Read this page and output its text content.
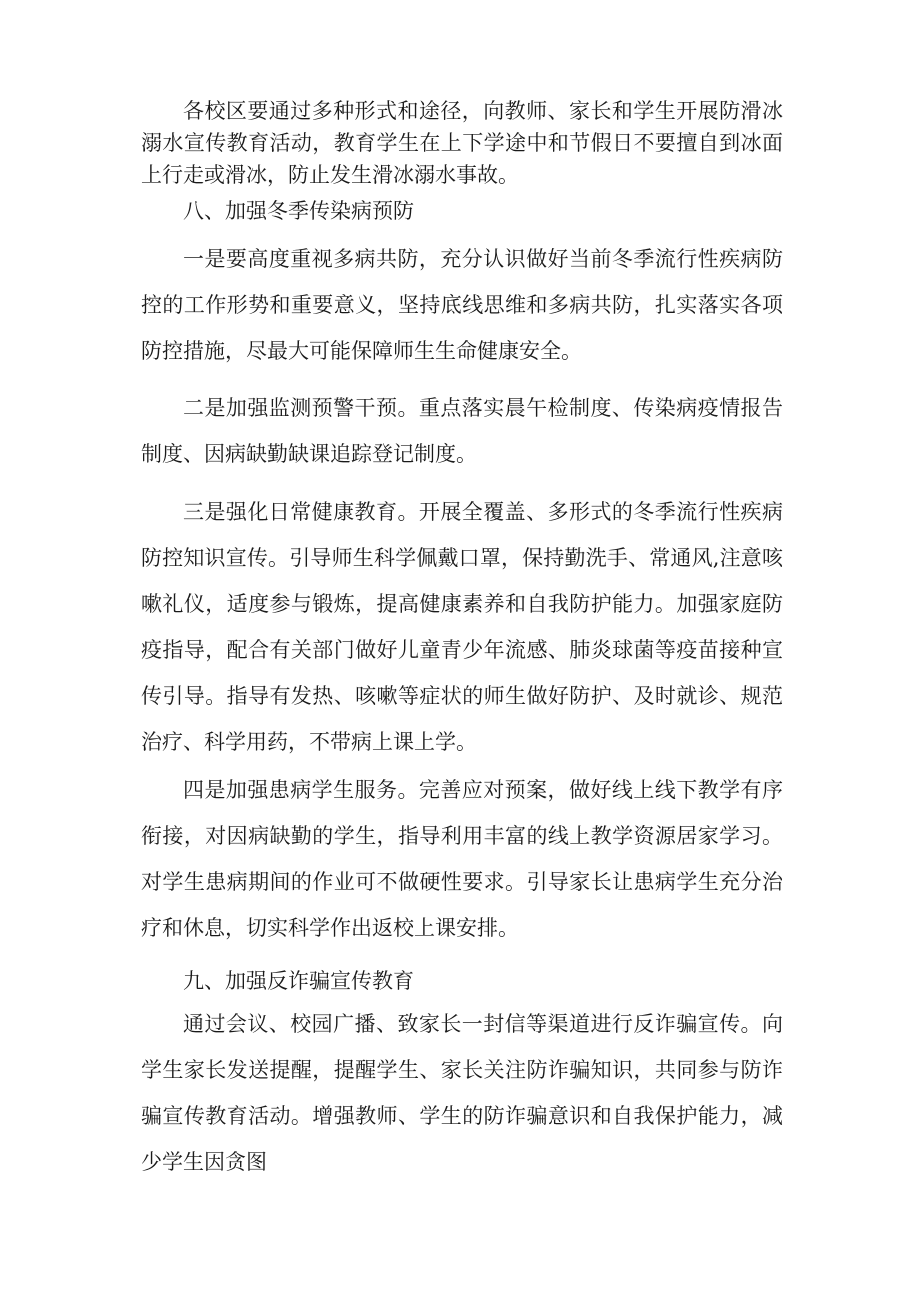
各校区要通过多种形式和途径，向教师、家长和学生开展防滑冰溺水宣传教育活动，教育学生在上下学途中和节假日不要擅自到冰面上行走或滑冰，防止发生滑冰溺水事故。

八、加强冬季传染病预防

一是要高度重视多病共防，充分认识做好当前冬季流行性疾病防控的工作形势和重要意义，坚持底线思维和多病共防，扎实落实各项防控措施，尽最大可能保障师生生命健康安全。

二是加强监测预警干预。重点落实晨午检制度、传染病疫情报告制度、因病缺勤缺课追踪登记制度。

三是强化日常健康教育。开展全覆盖、多形式的冬季流行性疾病防控知识宣传。引导师生科学佩戴口罩，保持勤洗手、常通风,注意咳嗽礼仪，适度参与锻炼，提高健康素养和自我防护能力。加强家庭防疫指导，配合有关部门做好儿童青少年流感、肺炎球菌等疫苗接种宣传引导。指导有发热、咳嗽等症状的师生做好防护、及时就诊、规范治疗、科学用药，不带病上课上学。

四是加强患病学生服务。完善应对预案，做好线上线下教学有序衔接，对因病缺勤的学生，指导利用丰富的线上教学资源居家学习。对学生患病期间的作业可不做硬性要求。引导家长让患病学生充分治疗和休息，切实科学作出返校上课安排。

九、加强反诈骗宣传教育

通过会议、校园广播、致家长一封信等渠道进行反诈骗宣传。向学生家长发送提醒，提醒学生、家长关注防诈骗知识，共同参与防诈骗宣传教育活动。增强教师、学生的防诈骗意识和自我保护能力，减少学生因贪图
